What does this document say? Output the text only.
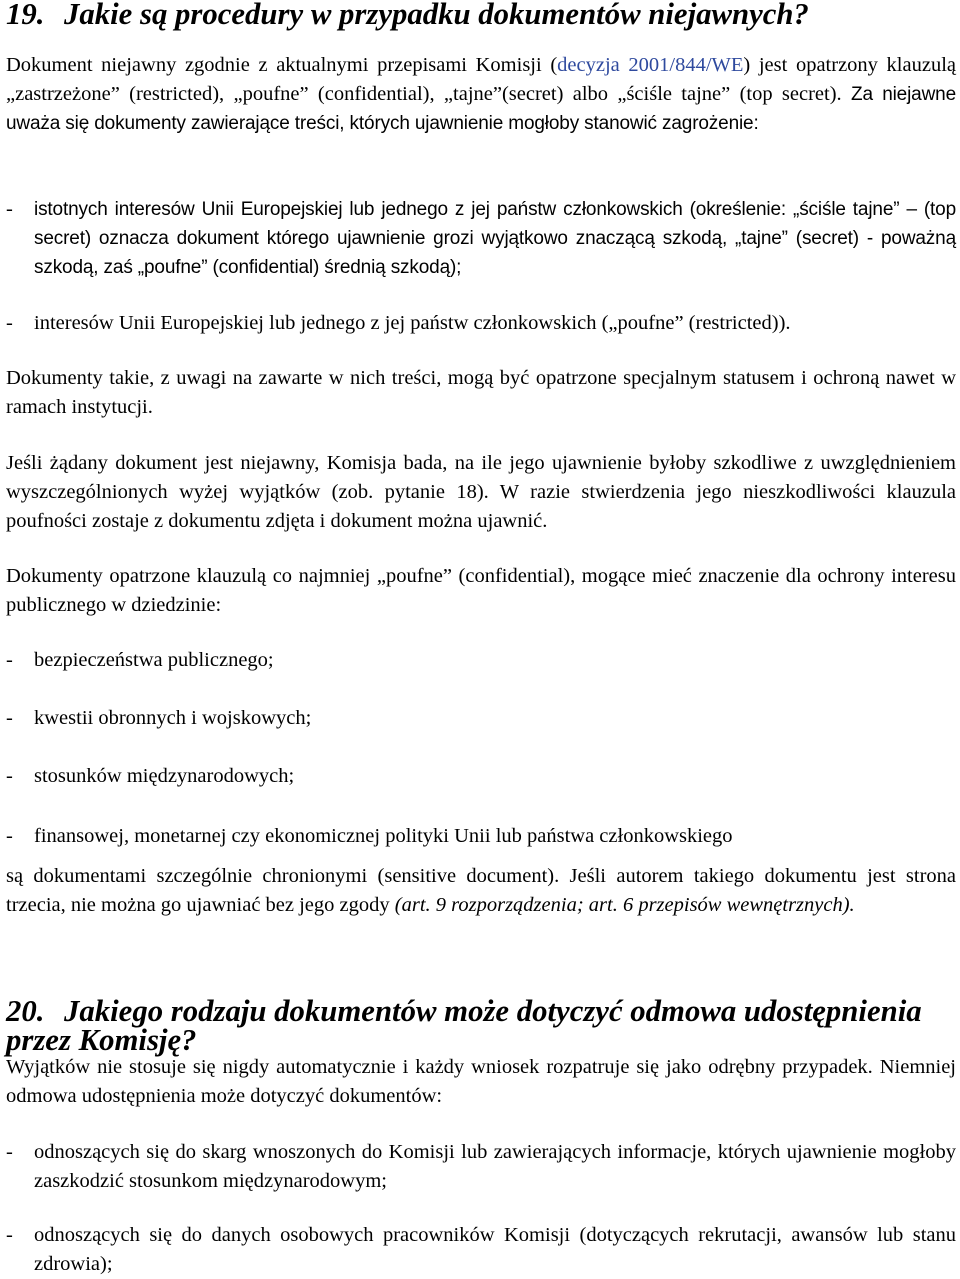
19. Jakie są procedury w przypadku dokumentów niejawnych?

Dokument niejawny zgodnie z aktualnymi przepisami Komisji (decyzja 2001/844/WE) jest opatrzony klauzulą „zastrzeżone” (restricted), „poufne” (confidential), „tajne”(secret) albo „ściśle tajne” (top secret). Za niejawne uważa się dokumenty zawierające treści, których ujawnienie mogłoby stanowić zagrożenie:

-	istotnych interesów Unii Europejskiej lub jednego z jej państw członkowskich (określenie: „ściśle tajne” – (top secret) oznacza dokument którego ujawnienie grozi wyjątkowo znaczącą szkodą, „tajne” (secret) - poważną szkodą, zaś „poufne” (confidential) średnią szkodą);
-	interesów Unii Europejskiej lub jednego z jej państw członkowskich („poufne” (restricted)).

Dokumenty takie, z uwagi na zawarte w nich treści, mogą być opatrzone specjalnym statusem i ochroną nawet w ramach instytucji.

Jeśli żądany dokument jest niejawny, Komisja bada, na ile jego ujawnienie byłoby szkodliwe z uwzględnieniem wyszczególnionych wyżej wyjątków (zob. pytanie 18). W razie stwierdzenia jego nieszkodliwości klauzula poufności zostaje z dokumentu zdjęta i dokument można ujawnić.

Dokumenty opatrzone klauzulą co najmniej „poufne” (confidential), mogące mieć znaczenie dla ochrony interesu publicznego w dziedzinie:

-	bezpieczeństwa publicznego;
-	kwestii obronnych i wojskowych;
-	stosunków międzynarodowych;
-	finansowej, monetarnej czy ekonomicznej polityki Unii lub państwa członkowskiego

są dokumentami szczególnie chronionymi (sensitive document). Jeśli autorem takiego dokumentu jest strona trzecia, nie można go ujawniać bez jego zgody (art. 9 rozporządzenia; art. 6 przepisów wewnętrznych).

20. Jakiego rodzaju dokumentów może dotyczyć odmowa udostępnienia przez Komisję?

Wyjątków nie stosuje się nigdy automatycznie i każdy wniosek rozpatruje się jako odrębny przypadek. Niemniej odmowa udostępnienia może dotyczyć dokumentów:

-	odnoszących się do skarg wnoszonych do Komisji lub zawierających informacje, których ujawnienie mogłoby zaszkodzić stosunkom międzynarodowym;
-	odnoszących się do danych osobowych pracowników Komisji (dotyczących rekrutacji, awansów lub stanu zdrowia);
